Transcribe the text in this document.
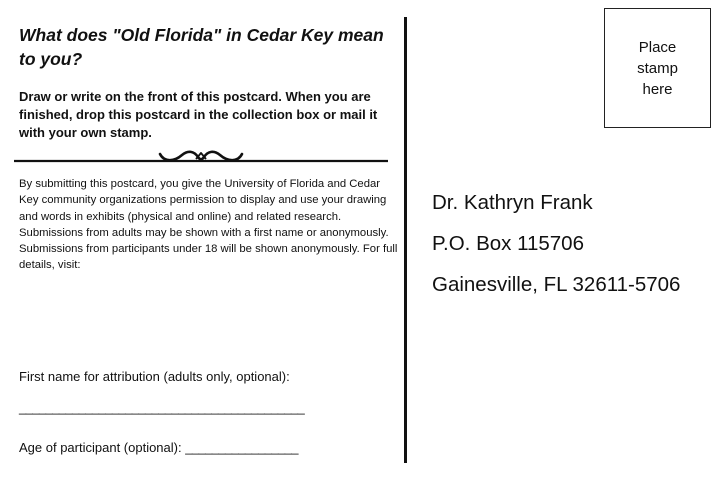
What does "Old Florida" in Cedar Key mean to you?

Draw or write on the front of this postcard. When you are finished, drop this postcard in the collection box or mail it with your own stamp.

By submitting this postcard, you give the University of Florida and Cedar Key community organizations permission to display and use your drawing and words in exhibits (physical and online) and related research. Submissions from adults may be shown with a first name or anonymously. Submissions from participants under 18 will be shown anonymously. For full details, visit:

First name for attribution (adults only, optional):
___________________________________________
Age of participant (optional): _________________
Place
stamp
here
Dr. Kathryn Frank
P.O. Box 115706
Gainesville, FL 32611-5706
